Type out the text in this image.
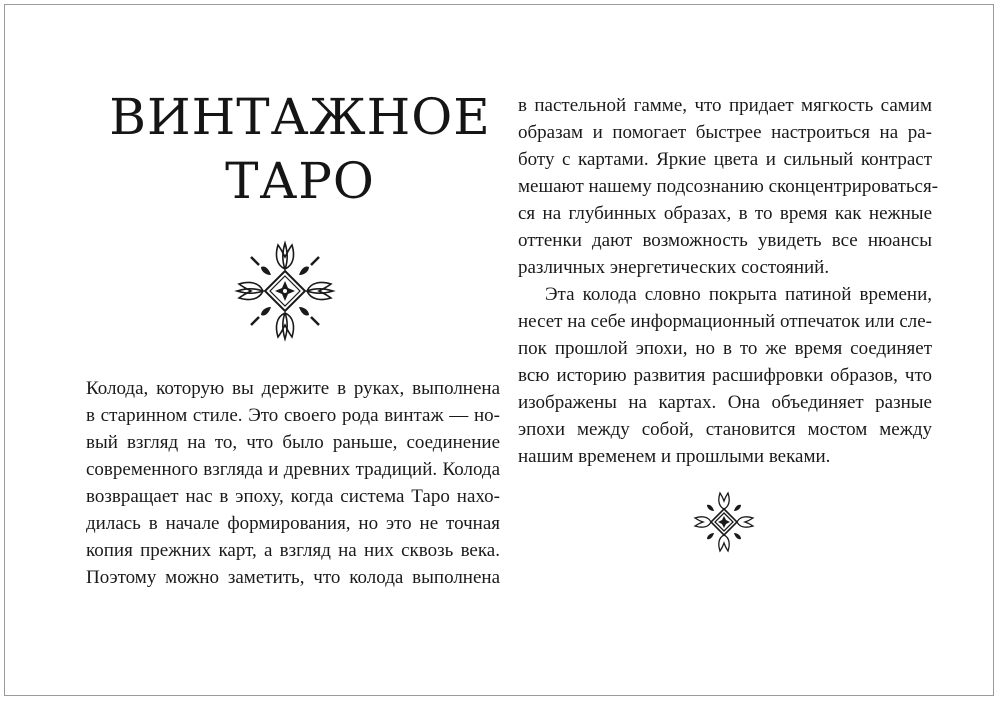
ВИНТАЖНОЕ
ТАРО
Колода, которую вы держите в руках, выполнена
в старинном стиле. Это своего рода винтаж — но-
вый взгляд на то, что было раньше, соединение
современного взгляда и древних традиций. Колода
возвращает нас в эпоху, когда система Таро нахо-
дилась в начале формирования, но это не точная
копия прежних карт, а взгляд на них сквозь века.
Поэтому можно заметить, что колода выполнена
в пастельной гамме, что придает мягкость самим
образам и помогает быстрее настроиться на ра-
боту с картами. Яркие цвета и сильный контраст
мешают нашему подсознанию сконцентрироваться-
ся на глубинных образах, в то время как нежные
оттенки дают возможность увидеть все нюансы
различных энергетических состояний.
Эта колода словно покрыта патиной времени,
несет на себе информационный отпечаток или сле-
пок прошлой эпохи, но в то же время соединяет
всю историю развития расшифровки образов, что
изображены на картах. Она объединяет разные
эпохи между собой, становится мостом между
нашим временем и прошлыми веками.
